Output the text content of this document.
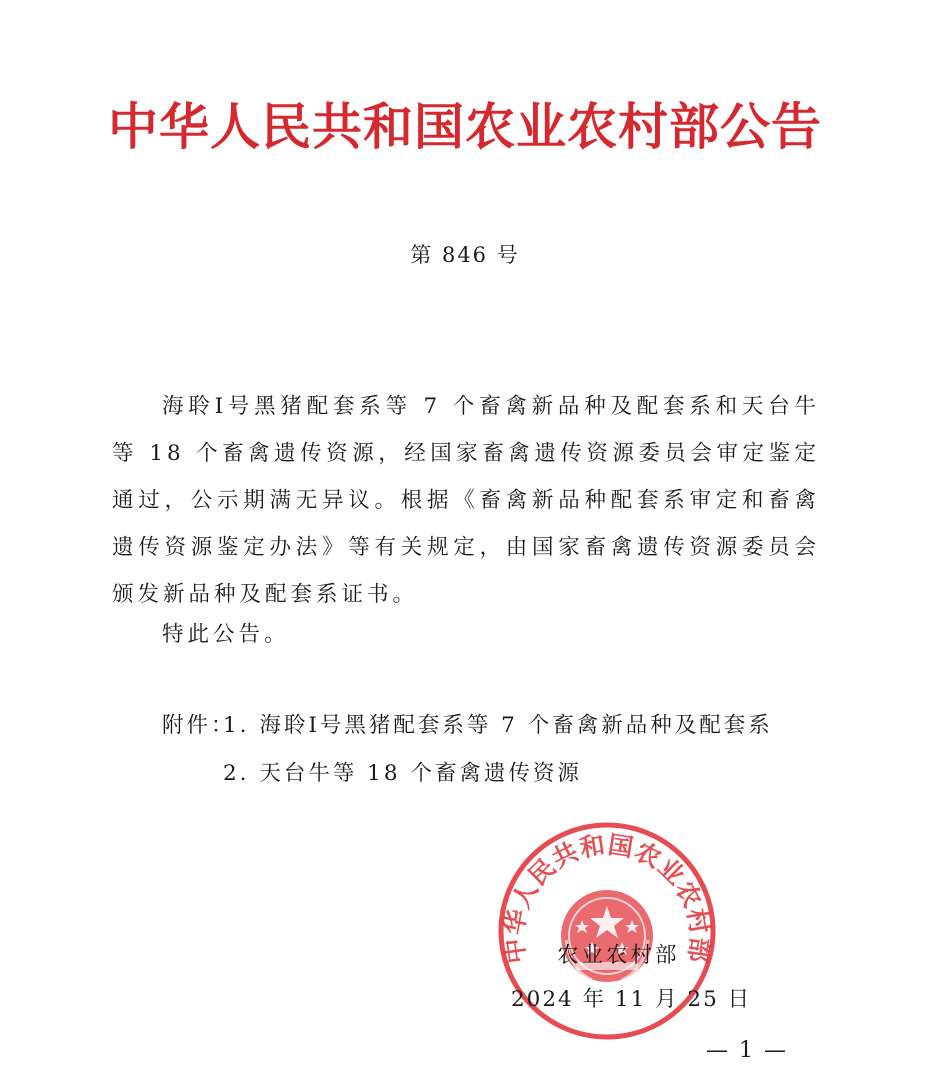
中华人民共和国农业农村部公告
第 846 号

海聆Ⅰ号黑猪配套系等 7 个畜禽新品种及配套系和天台牛等 18 个畜禽遗传资源，经国家畜禽遗传资源委员会审定鉴定通过，公示期满无异议。根据《畜禽新品种配套系审定和畜禽遗传资源鉴定办法》等有关规定，由国家畜禽遗传资源委员会颁发新品种及配套系证书。

特此公告。
附件：
1. 海聆Ⅰ号黑猪配套系等 7 个畜禽新品种及配套系
2. 天台牛等 18 个畜禽遗传资源
中华人民共和国农业农村部
农业农村部
2024 年 11 月 25 日
— 1 —
